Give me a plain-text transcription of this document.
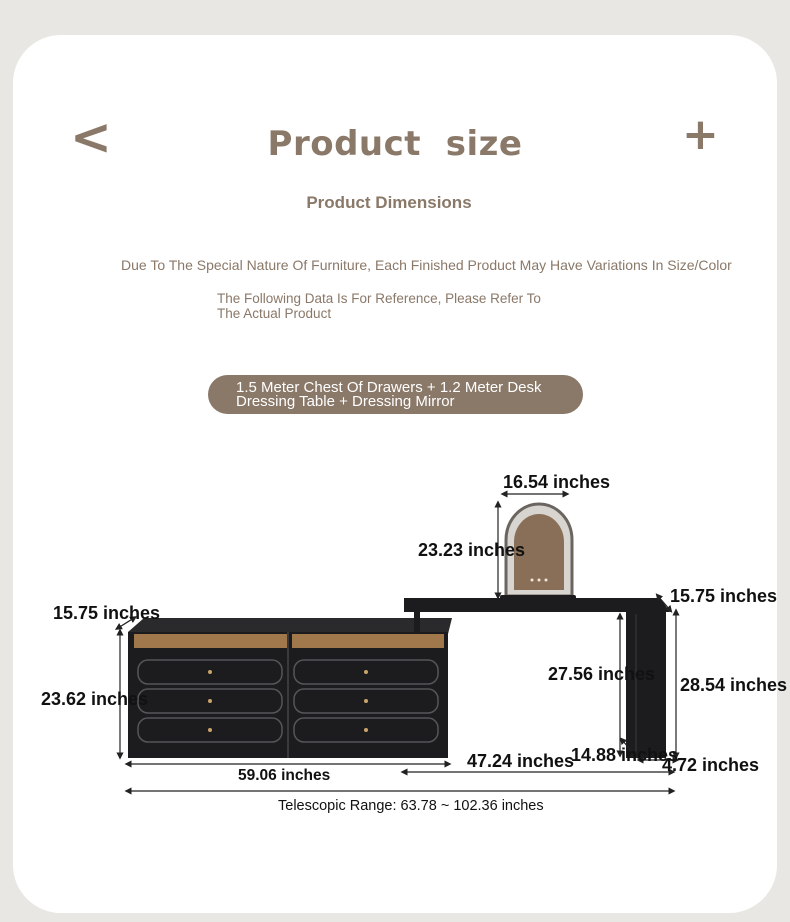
<	+
Product  size
Product Dimensions
Due To The Special Nature Of Furniture, Each Finished Product May Have Variations In Size/Color
The Following Data Is For Reference, Please Refer To
The Actual Product
1.5 Meter Chest Of Drawers + 1.2 Meter Desk
Dressing Table + Dressing Mirror
16.54 inches
23.23 inches
15.75 inches
15.75 inches
23.62 inches
27.56 inches
28.54 inches
14.88 inches
47.24 inches	4.72 inches
59.06 inches
Telescopic Range: 63.78 ~ 102.36 inches
